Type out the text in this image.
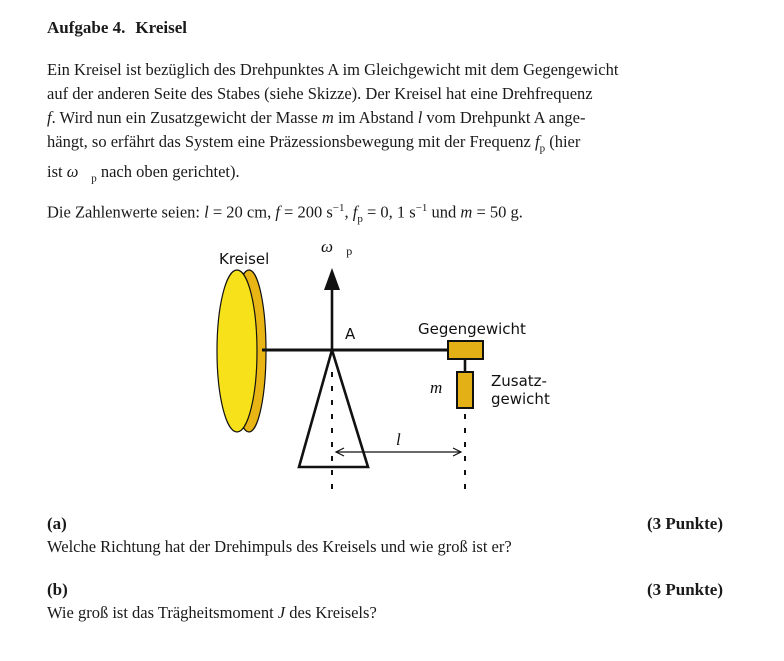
Aufgabe 4. Kreisel
Ein Kreisel ist bezüglich des Drehpunktes A im Gleichgewicht mit dem Gegengewicht
auf der anderen Seite des Stabes (siehe Skizze). Der Kreisel hat eine Drehfrequenz
f. Wird nun ein Zusatzgewicht der Masse m im Abstand l vom Drehpunkt A ange-
hängt, so erfährt das System eine Präzessionsbewegung mit der Frequenz $f_p$ (hier
ist $\omega⃗_p$ nach oben gerichtet).
Die Zahlenwerte seien: l = 20 cm, f = 200 $s^{-1}$, $f_p = 0$, 1 $s^{-1}$ und m = 50 g.
Kreisel
ω⃗p
A	Gegengewicht
m	Zusatz-
gewicht
l
(a)	(3 Punkte)
Welche Richtung hat der Drehimpuls des Kreisels und wie groß ist er?
(b)	(3 Punkte)
Wie groß ist das Trägheitsmoment J des Kreisels?
